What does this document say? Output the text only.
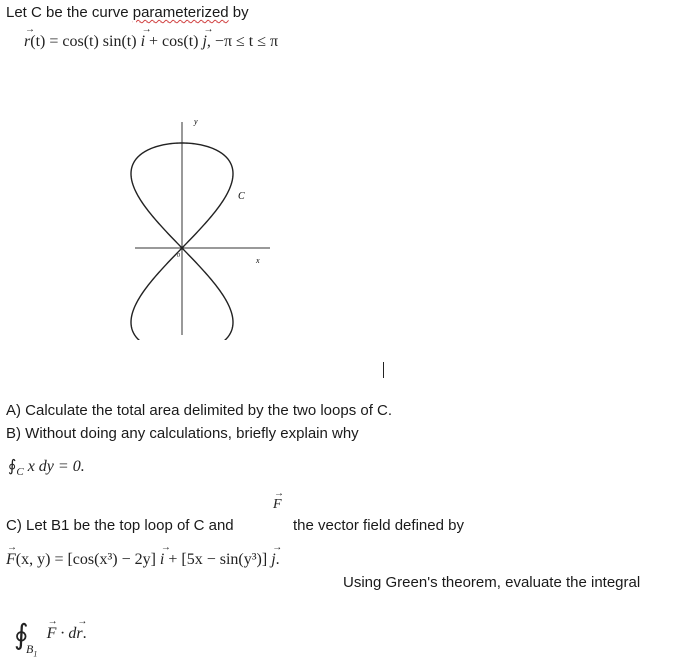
Let C be the curve parameterized by
→ r(t) = cos(t) sin(t) → i + cos(t) → j, −π ≤ t ≤ π
y
x
C
0
A) Calculate the total area delimited by the two loops of C.
B) Without doing any calculations, briefly explain why
$∮_C$ x dy = 0.
C) Let B1 be the top loop of C and
→ F
the vector field defined by
→ F(x, y) = [cos(x³) − 2y] → i + [5x − sin(y³)] → j.
Using Green's theorem, evaluate the integral
∮
$B_1$
→ F · d→ r.
